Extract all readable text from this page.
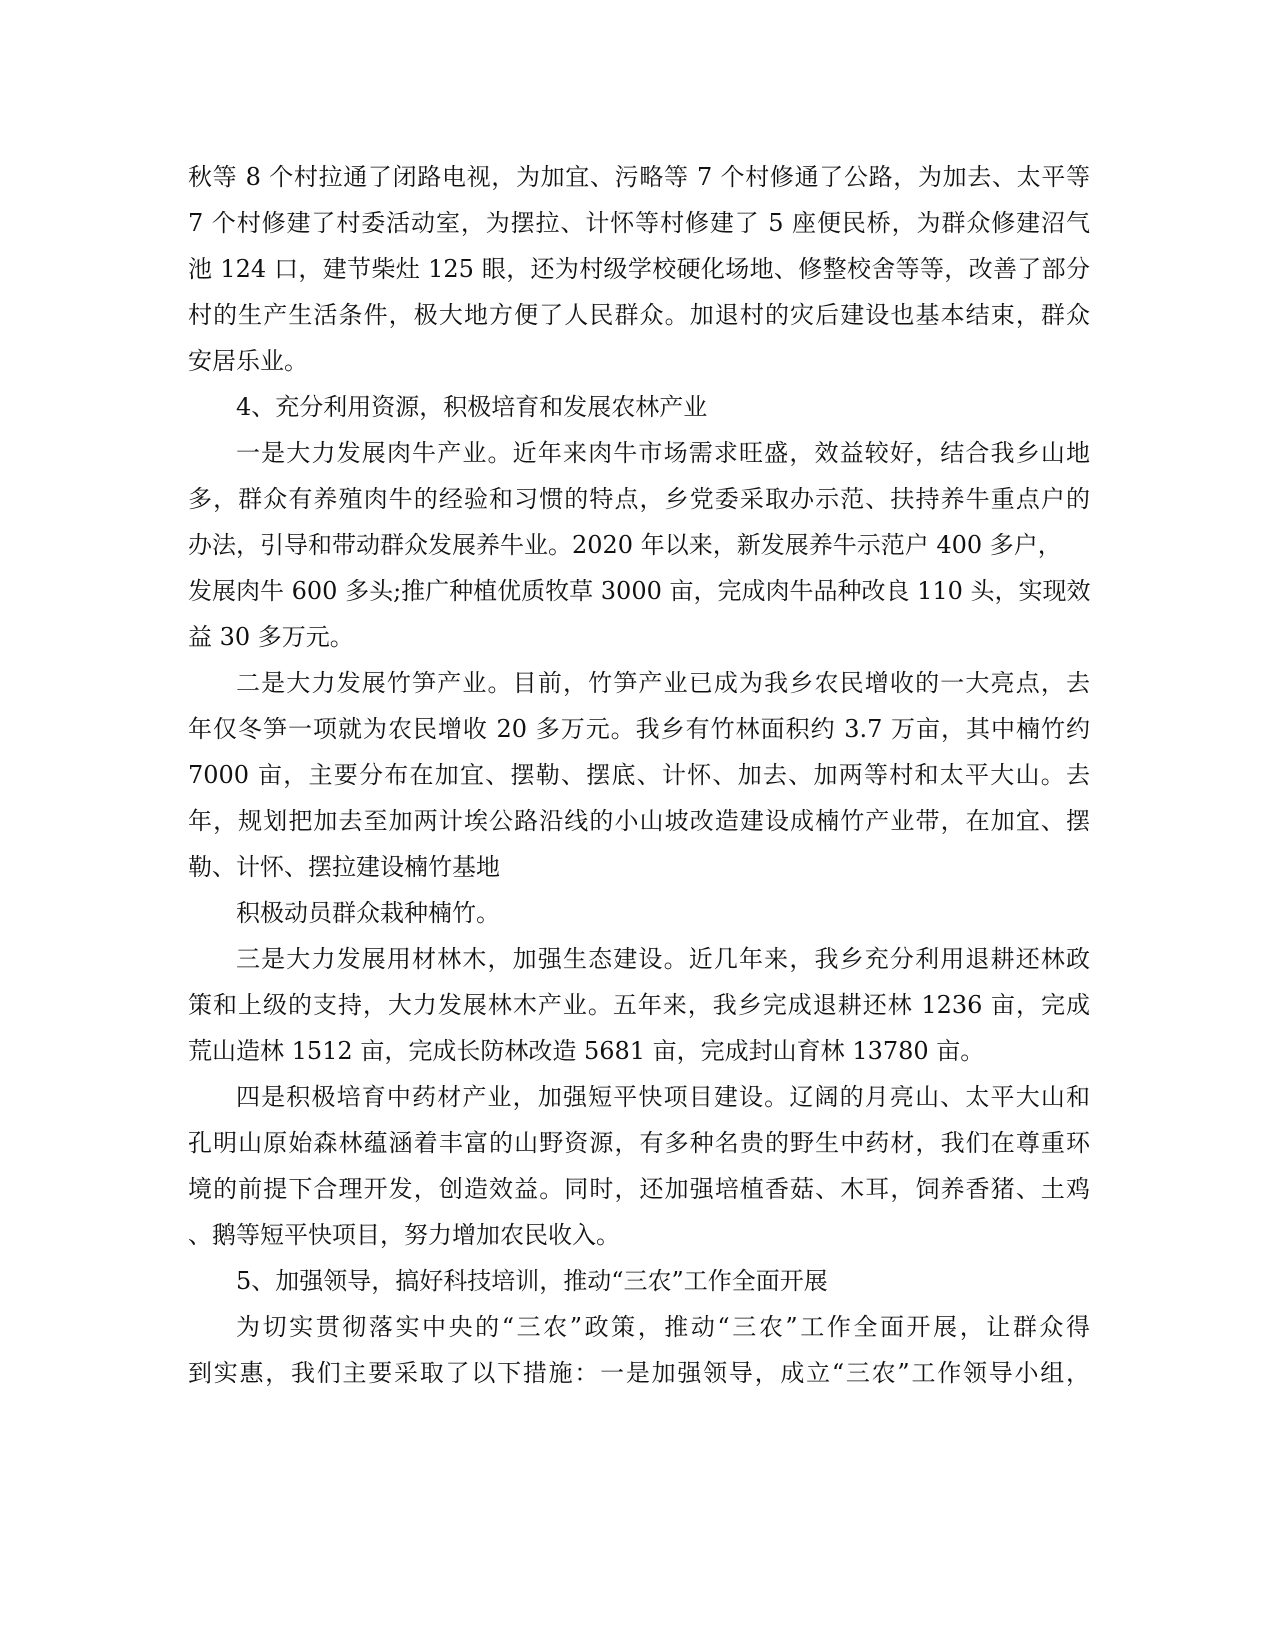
秋等 8 个村拉通了闭路电视，为加宜、污略等 7 个村修通了公路，为加去、太平等
7 个村修建了村委活动室，为摆拉、计怀等村修建了 5 座便民桥，为群众修建沼气
池 124 口，建节柴灶 125 眼，还为村级学校硬化场地、修整校舍等等，改善了部分
村的生产生活条件，极大地方便了人民群众。加退村的灾后建设也基本结束，群众
安居乐业。
4、充分利用资源，积极培育和发展农林产业
一是大力发展肉牛产业。近年来肉牛市场需求旺盛，效益较好，结合我乡山地
多，群众有养殖肉牛的经验和习惯的特点，乡党委采取办示范、扶持养牛重点户的
办法，引导和带动群众发展养牛业。2020 年以来，新发展养牛示范户 400 多户，
发展肉牛 600 多头;推广种植优质牧草 3000 亩，完成肉牛品种改良 110 头，实现效
益 30 多万元。
二是大力发展竹笋产业。目前，竹笋产业已成为我乡农民增收的一大亮点，去
年仅冬笋一项就为农民增收 20 多万元。我乡有竹林面积约 3.7 万亩，其中楠竹约
7000 亩，主要分布在加宜、摆勒、摆底、计怀、加去、加两等村和太平大山。去
年，规划把加去至加两计埃公路沿线的小山坡改造建设成楠竹产业带，在加宜、摆
勒、计怀、摆拉建设楠竹基地
积极动员群众栽种楠竹。
三是大力发展用材林木，加强生态建设。近几年来，我乡充分利用退耕还林政
策和上级的支持，大力发展林木产业。五年来，我乡完成退耕还林 1236 亩，完成
荒山造林 1512 亩，完成长防林改造 5681 亩，完成封山育林 13780 亩。
四是积极培育中药材产业，加强短平快项目建设。辽阔的月亮山、太平大山和
孔明山原始森林蕴涵着丰富的山野资源，有多种名贵的野生中药材，我们在尊重环
境的前提下合理开发，创造效益。同时，还加强培植香菇、木耳，饲养香猪、土鸡
、鹅等短平快项目，努力增加农民收入。
5、加强领导，搞好科技培训，推动“三农”工作全面开展
为切实贯彻落实中央的“三农”政策，推动“三农”工作全面开展，让群众得
到实惠，我们主要采取了以下措施：一是加强领导，成立“三农”工作领导小组，
